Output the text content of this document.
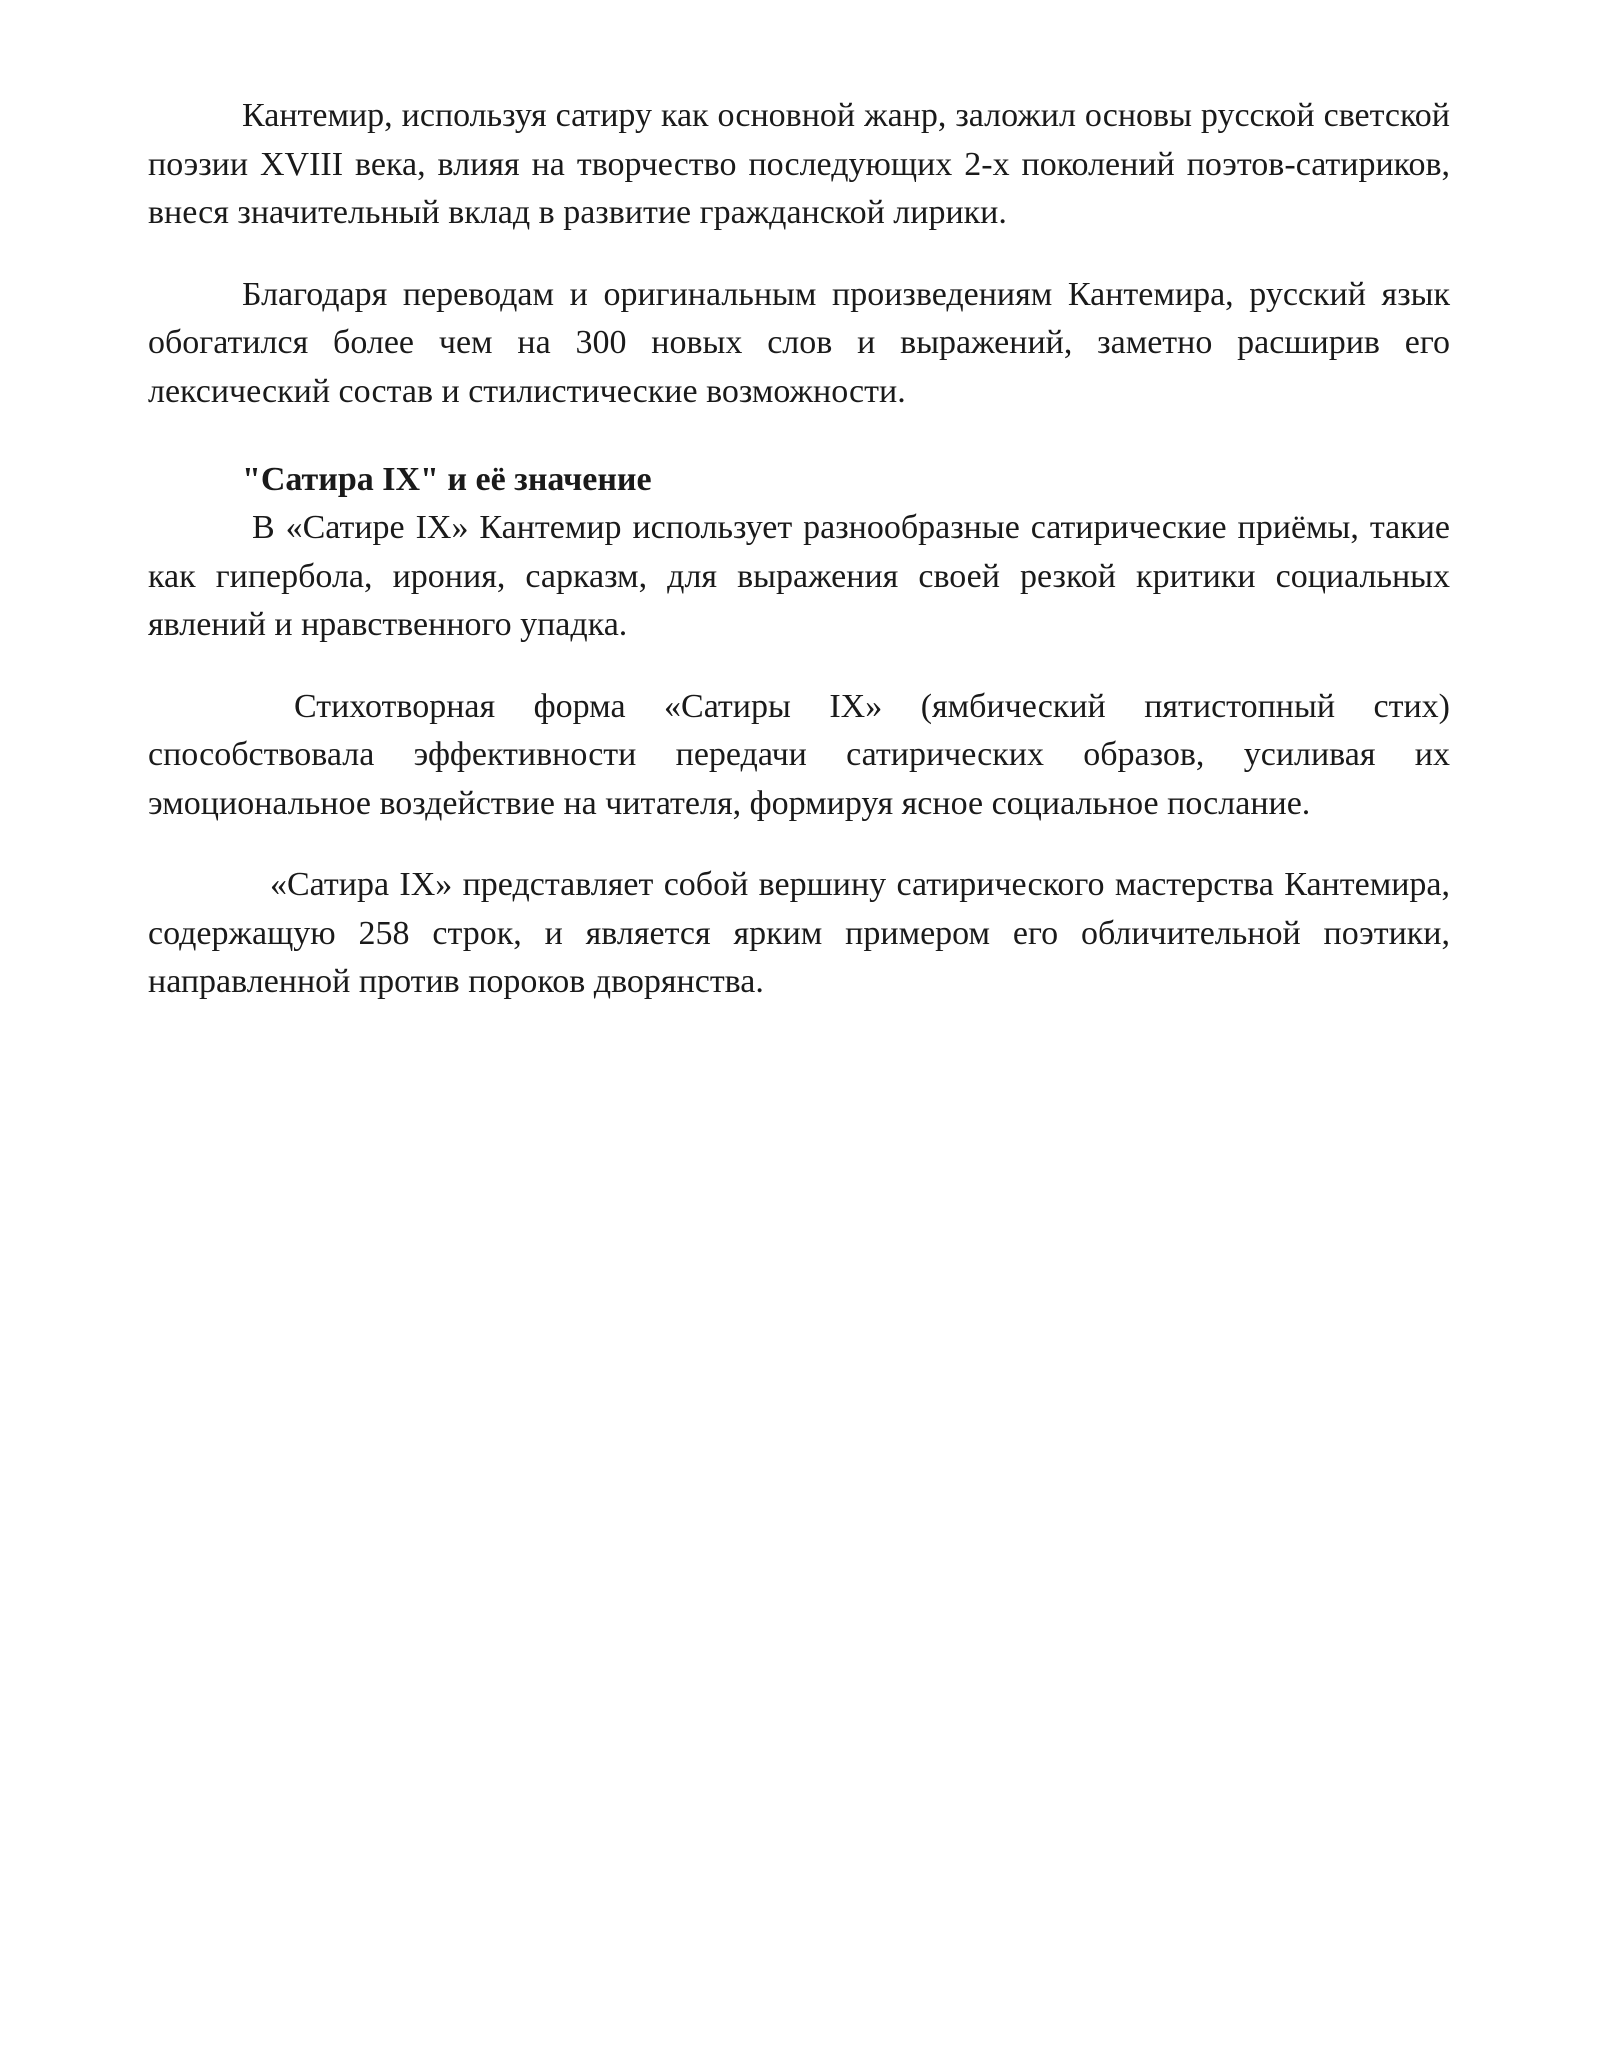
Кантемир, используя сатиру как основной жанр, заложил основы русской светской поэзии XVIII века, влияя на творчество последующих 2-х поколений поэтов-сатириков, внеся значительный вклад в развитие гражданской лирики.

Благодаря переводам и оригинальным произведениям Кантемира, русский язык обогатился более чем на 300 новых слов и выражений, заметно расширив его лексический состав и стилистические возможности.

"Сатира IX" и её значение

В «Сатире IX» Кантемир использует разнообразные сатирические приёмы, такие как гипербола, ирония, сарказм, для выражения своей резкой критики социальных явлений и нравственного упадка.

Стихотворная форма «Сатиры IX» (ямбический пятистопный стих) способствовала эффективности передачи сатирических образов, усиливая их эмоциональное воздействие на читателя, формируя ясное социальное послание.

«Сатира IX» представляет собой вершину сатирического мастерства Кантемира, содержащую 258 строк, и является ярким примером его обличительной поэтики, направленной против пороков дворянства.
